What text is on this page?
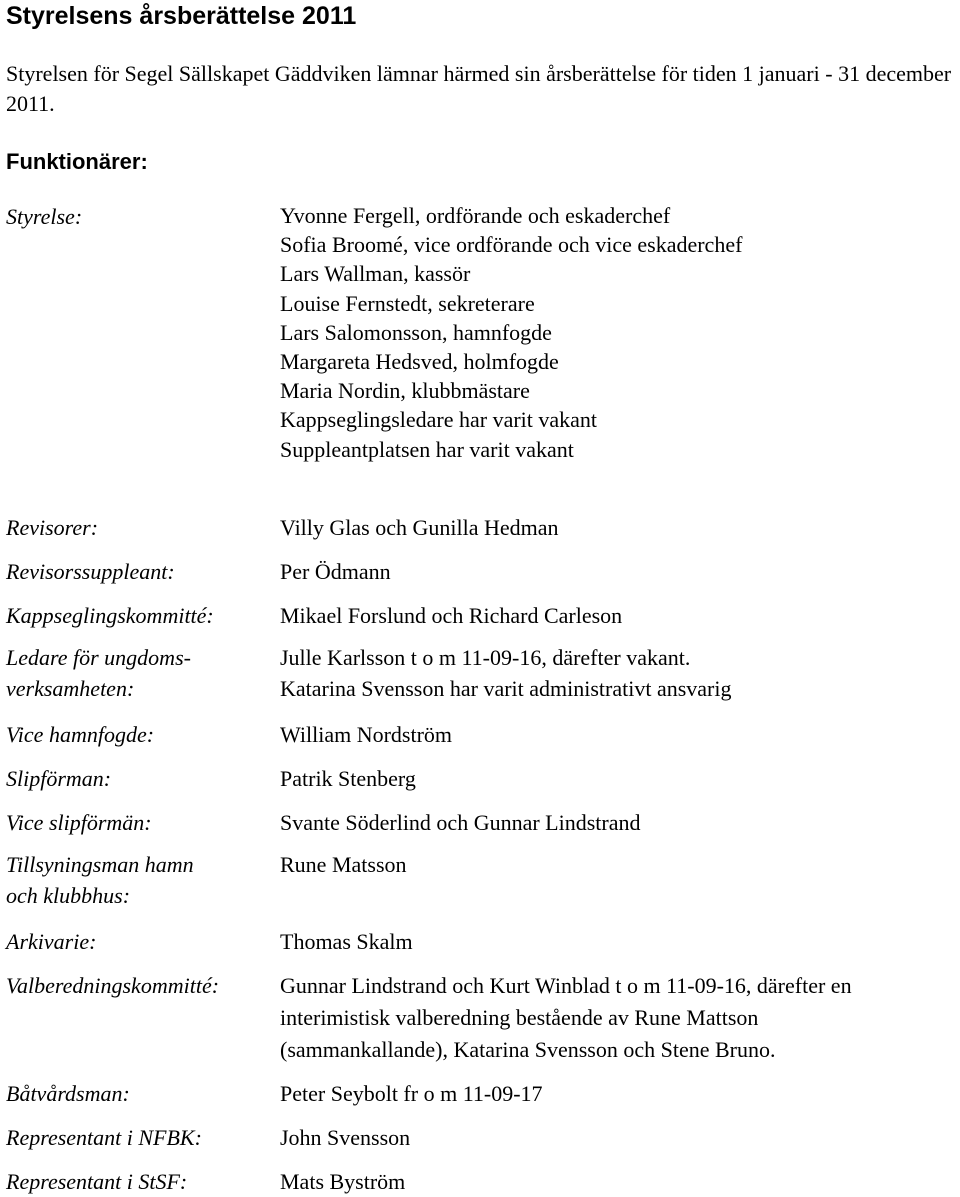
Styrelsens årsberättelse 2011

Styrelsen för Segel Sällskapet Gäddviken lämnar härmed sin årsberättelse för tiden 1 januari - 31 december 2011.

Funktionärer:
Styrelse:	Yvonne Fergell, ordförande och eskaderchef
Sofia Broomé, vice ordförande och vice eskaderchef
Lars Wallman, kassör
Louise Fernstedt, sekreterare
Lars Salomonsson, hamnfogde
Margareta Hedsved, holmfogde
Maria Nordin, klubbmästare
Kappseglingsledare har varit vakant
Suppleantplatsen har varit vakant
Revisorer:	Villy Glas och Gunilla Hedman
Revisorssuppleant:	Per Ödmann
Kappseglingskommitté:	Mikael Forslund och Richard Carleson
Ledare för ungdoms-
verksamheten:
Julle Karlsson t o m 11-09-16, därefter vakant.
Katarina Svensson har varit administrativt ansvarig
Vice hamnfogde:	William Nordström
Slipförman:	Patrik Stenberg
Vice slipförmän:	Svante Söderlind och Gunnar Lindstrand
Tillsyningsman hamn
och klubbhus:
Rune Matsson
Arkivarie:	Thomas Skalm
Valberedningskommitté:	Gunnar Lindstrand och Kurt Winblad t o m 11-09-16, därefter en
interimistisk valberedning bestående av Rune Mattson
(sammankallande), Katarina Svensson och Stene Bruno.
Båtvårdsman:	Peter Seybolt fr o m 11-09-17
Representant i NFBK:	John Svensson
Representant i StSF:	Mats Byström
